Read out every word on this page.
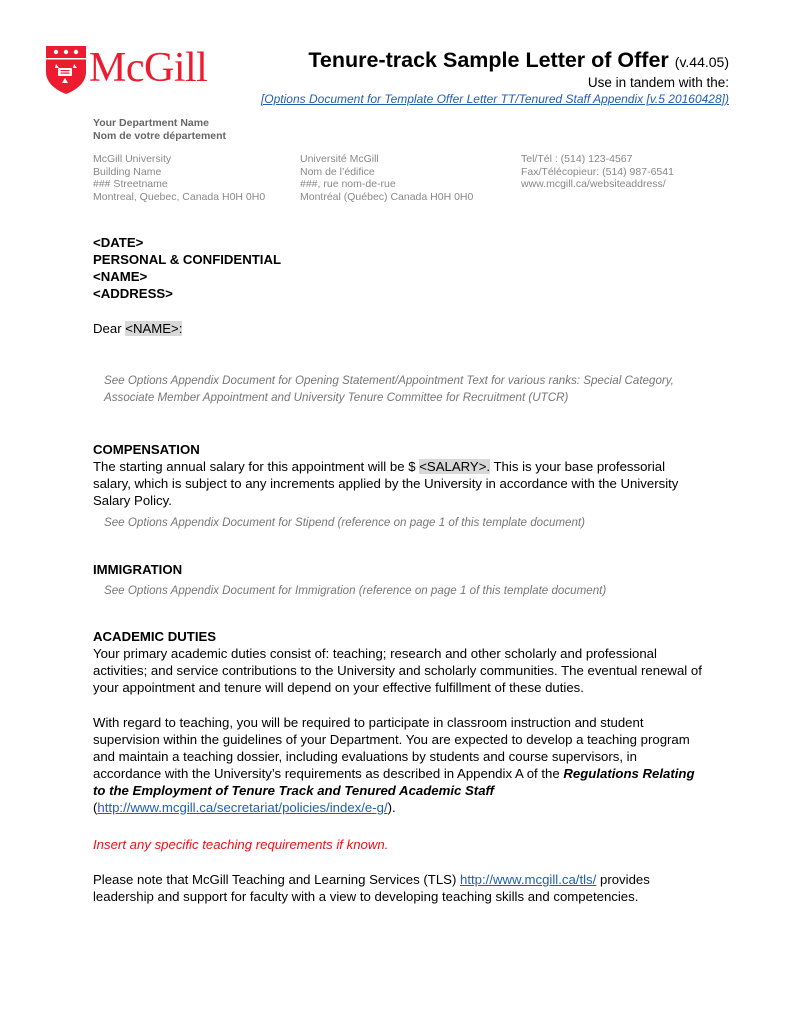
McGill	Tenure-track Sample Letter of Offer (v.44.05)
Use in tandem with the:
[Options Document for Template Offer Letter TT/Tenured Staff Appendix [v.5 20160428])
Your Department Name
Nom de votre département
McGill University
Building Name
### Streetname
Montreal, Quebec, Canada H0H 0H0
Université McGill
Nom de l’édifice
###, rue nom-de-rue
Montréal (Québec) Canada H0H 0H0
Tel/Tél : (514) 123-4567
Fax/Télécopieur: (514) 987-6541
www.mcgill.ca/websiteaddress/
<DATE>
PERSONAL & CONFIDENTIAL
<NAME>
<ADDRESS>
Dear <NAME>:
See Options Appendix Document for Opening Statement/Appointment Text for various ranks: Special Category, Associate Member Appointment and University Tenure Committee for Recruitment (UTCR)
COMPENSATION
The starting annual salary for this appointment will be $ <SALARY>. This is your base professorial salary, which is subject to any increments applied by the University in accordance with the University Salary Policy.
See Options Appendix Document for Stipend (reference on page 1 of this template document)
IMMIGRATION
See Options Appendix Document for Immigration (reference on page 1 of this template document)
ACADEMIC DUTIES
Your primary academic duties consist of: teaching; research and other scholarly and professional activities; and service contributions to the University and scholarly communities. The eventual renewal of your appointment and tenure will depend on your effective fulfillment of these duties.
With regard to teaching, you will be required to participate in classroom instruction and student supervision within the guidelines of your Department. You are expected to develop a teaching program and maintain a teaching dossier, including evaluations by students and course supervisors, in accordance with the University’s requirements as described in Appendix A of the Regulations Relating to the Employment of Tenure Track and Tenured Academic Staff (http://www.mcgill.ca/secretariat/policies/index/e-g/).
Insert any specific teaching requirements if known.
Please note that McGill Teaching and Learning Services (TLS) http://www.mcgill.ca/tls/ provides leadership and support for faculty with a view to developing teaching skills and competencies.
